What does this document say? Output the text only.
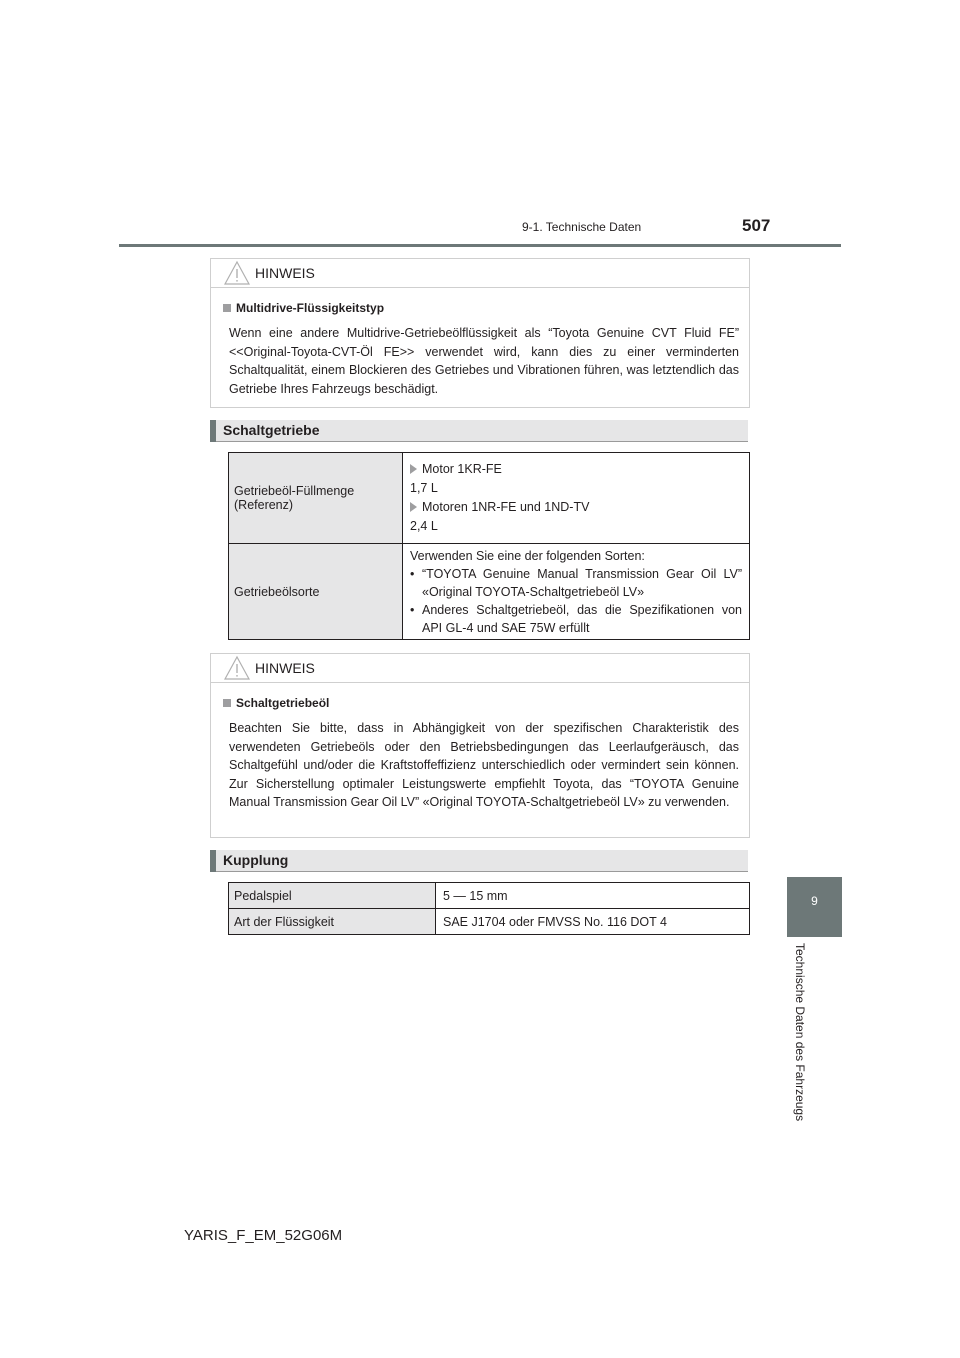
9-1. Technische Daten	507
9
Technische Daten des Fahrzeugs
HINWEIS
Multidrive-Flüssigkeitstyp
Wenn eine andere Multidrive-Getriebeölflüssigkeit als “Toyota Genuine CVT Fluid FE” <<Original-Toyota-CVT-Öl FE>> verwendet wird, kann dies zu einer verminderten Schaltqualität, einem Blockieren des Getriebes und Vibrationen führen, was letztendlich das Getriebe Ihres Fahrzeugs beschädigt.
Schaltgetriebe
Getriebeöl-Füllmenge (Referenz)	Motor 1KR-FE
1,7 L
Motoren 1NR-FE und 1ND-TV
2,4 L

Getriebeölsorte	Verwenden Sie eine der folgenden Sorten:
• “TOYOTA Genuine Manual Transmission Gear Oil LV” «Original TOYOTA-Schaltgetriebeöl LV»
• Anderes Schaltgetriebeöl, das die Spezifikationen von API GL-4 und SAE 75W erfüllt
HINWEIS
Schaltgetriebeöl
Beachten Sie bitte, dass in Abhängigkeit von der spezifischen Charakteristik des verwendeten Getriebeöls oder den Betriebsbedingungen das Leerlaufgeräusch, das Schaltgefühl und/oder die Kraftstoffeffizienz unterschiedlich oder vermindert sein können. Zur Sicherstellung optimaler Leistungswerte empfiehlt Toyota, das “TOYOTA Genuine Manual Transmission Gear Oil LV” «Original TOYOTA-Schaltgetriebeöl LV» zu verwenden.
Kupplung
Pedalspiel	5 — 15 mm
Art der Flüssigkeit	SAE J1704 oder FMVSS No. 116 DOT 4
YARIS_F_EM_52G06M
